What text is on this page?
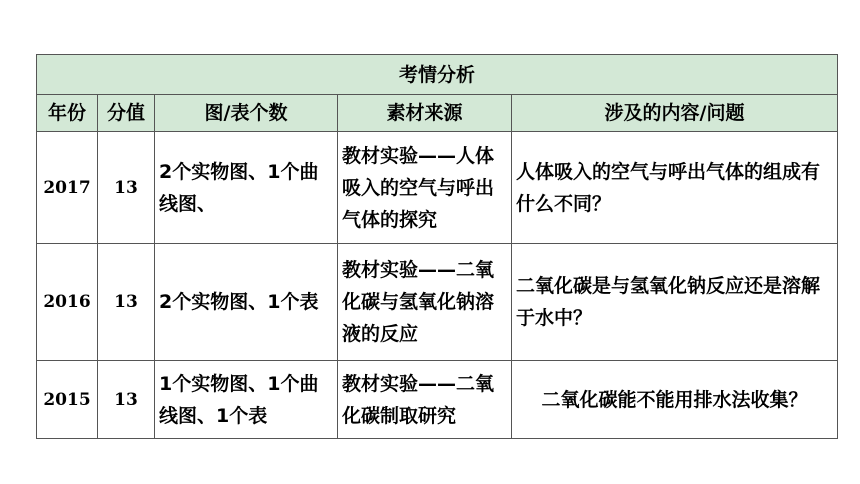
考情分析				
年份	分值	图/表个数	素材来源	涉及的内容/问题
2017	13	2个实物图、1个曲线图、	教材实验——人体吸入的空气与呼出气体的探究	人体吸入的空气与呼出气体的组成有什么不同？
2016	13	2个实物图、1个表	教材实验——二氧化碳与氢氧化钠溶液的反应	二氧化碳是与氢氧化钠反应还是溶解于水中？
2015	13	1个实物图、1个曲线图、1个表	教材实验——二氧化碳制取研究	二氧化碳能不能用排水法收集？
